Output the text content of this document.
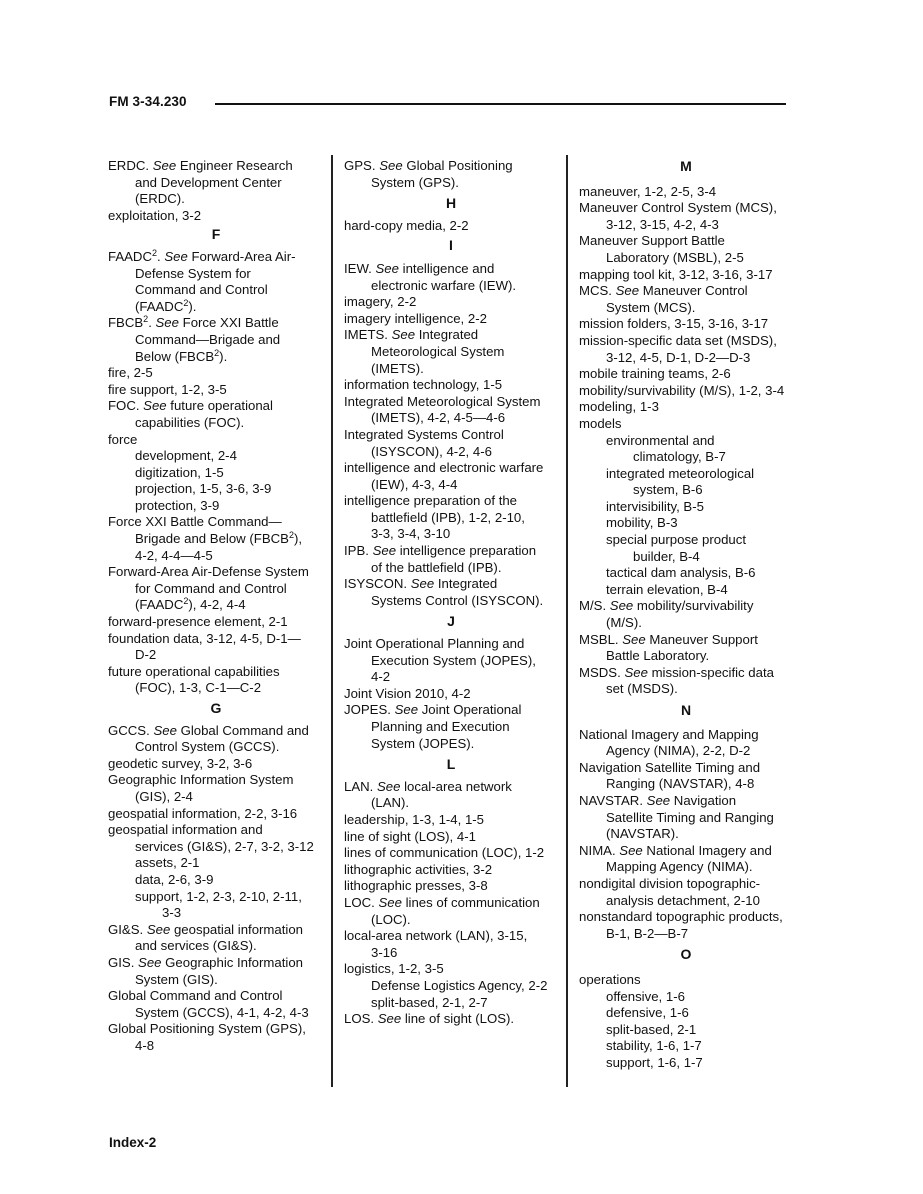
FM 3-34.230
ERDC. See Engineer Research
and Development Center
(ERDC).
exploitation, 3-2
F
FAADC$^2$. See Forward-Area Air-
Defense System for
Command and Control
(FAADC$^2$).
FBCB$^2$. See Force XXI Battle
Command—Brigade and
Below (FBCB$^2$).
fire, 2-5
fire support, 1-2, 3-5
FOC. See future operational
capabilities (FOC).
force
development, 2-4
digitization, 1-5
projection, 1-5, 3-6, 3-9
protection, 3-9
Force XXI Battle Command—
Brigade and Below (FBCB$^2$),
4-2, 4-4—4-5
Forward-Area Air-Defense System
for Command and Control
(FAADC$^2$), 4-2, 4-4
forward-presence element, 2-1
foundation data, 3-12, 4-5, D-1—
D-2
future operational capabilities
(FOC), 1-3, C-1—C-2
G
GCCS. See Global Command and
Control System (GCCS).
geodetic survey, 3-2, 3-6
Geographic Information System
(GIS), 2-4
geospatial information, 2-2, 3-16
geospatial information and
services (GI&S), 2-7, 3-2, 3-12
assets, 2-1
data, 2-6, 3-9
support, 1-2, 2-3, 2-10, 2-11,
3-3
GI&S. See geospatial information
and services (GI&S).
GIS. See Geographic Information
System (GIS).
Global Command and Control
System (GCCS), 4-1, 4-2, 4-3
Global Positioning System (GPS),
4-8
GPS. See Global Positioning
System (GPS).
H
hard-copy media, 2-2
I
IEW. See intelligence and
electronic warfare (IEW).
imagery, 2-2
imagery intelligence, 2-2
IMETS. See Integrated
Meteorological System
(IMETS).
information technology, 1-5
Integrated Meteorological System
(IMETS), 4-2, 4-5—4-6
Integrated Systems Control
(ISYSCON), 4-2, 4-6
intelligence and electronic warfare
(IEW), 4-3, 4-4
intelligence preparation of the
battlefield (IPB), 1-2, 2-10,
3-3, 3-4, 3-10
IPB. See intelligence preparation
of the battlefield (IPB).
ISYSCON. See Integrated
Systems Control (ISYSCON).
J
Joint Operational Planning and
Execution System (JOPES),
4-2
Joint Vision 2010, 4-2
JOPES. See Joint Operational
Planning and Execution
System (JOPES).
L
LAN. See local-area network
(LAN).
leadership, 1-3, 1-4, 1-5
line of sight (LOS), 4-1
lines of communication (LOC), 1-2
lithographic activities, 3-2
lithographic presses, 3-8
LOC. See lines of communication
(LOC).
local-area network (LAN), 3-15,
3-16
logistics, 1-2, 3-5
Defense Logistics Agency, 2-2
split-based, 2-1, 2-7
LOS. See line of sight (LOS).
M
maneuver, 1-2, 2-5, 3-4
Maneuver Control System (MCS),
3-12, 3-15, 4-2, 4-3
Maneuver Support Battle
Laboratory (MSBL), 2-5
mapping tool kit, 3-12, 3-16, 3-17
MCS. See Maneuver Control
System (MCS).
mission folders, 3-15, 3-16, 3-17
mission-specific data set (MSDS),
3-12, 4-5, D-1, D-2—D-3
mobile training teams, 2-6
mobility/survivability (M/S), 1-2, 3-4
modeling, 1-3
models
environmental and
climatology, B-7
integrated meteorological
system, B-6
intervisibility, B-5
mobility, B-3
special purpose product
builder, B-4
tactical dam analysis, B-6
terrain elevation, B-4
M/S. See mobility/survivability
(M/S).
MSBL. See Maneuver Support
Battle Laboratory.
MSDS. See mission-specific data
set (MSDS).
N
National Imagery and Mapping
Agency (NIMA), 2-2, D-2
Navigation Satellite Timing and
Ranging (NAVSTAR), 4-8
NAVSTAR. See Navigation
Satellite Timing and Ranging
(NAVSTAR).
NIMA. See National Imagery and
Mapping Agency (NIMA).
nondigital division topographic-
analysis detachment, 2-10
nonstandard topographic products,
B-1, B-2—B-7
O
operations
offensive, 1-6
defensive, 1-6
split-based, 2-1
stability, 1-6, 1-7
support, 1-6, 1-7
Index-2
